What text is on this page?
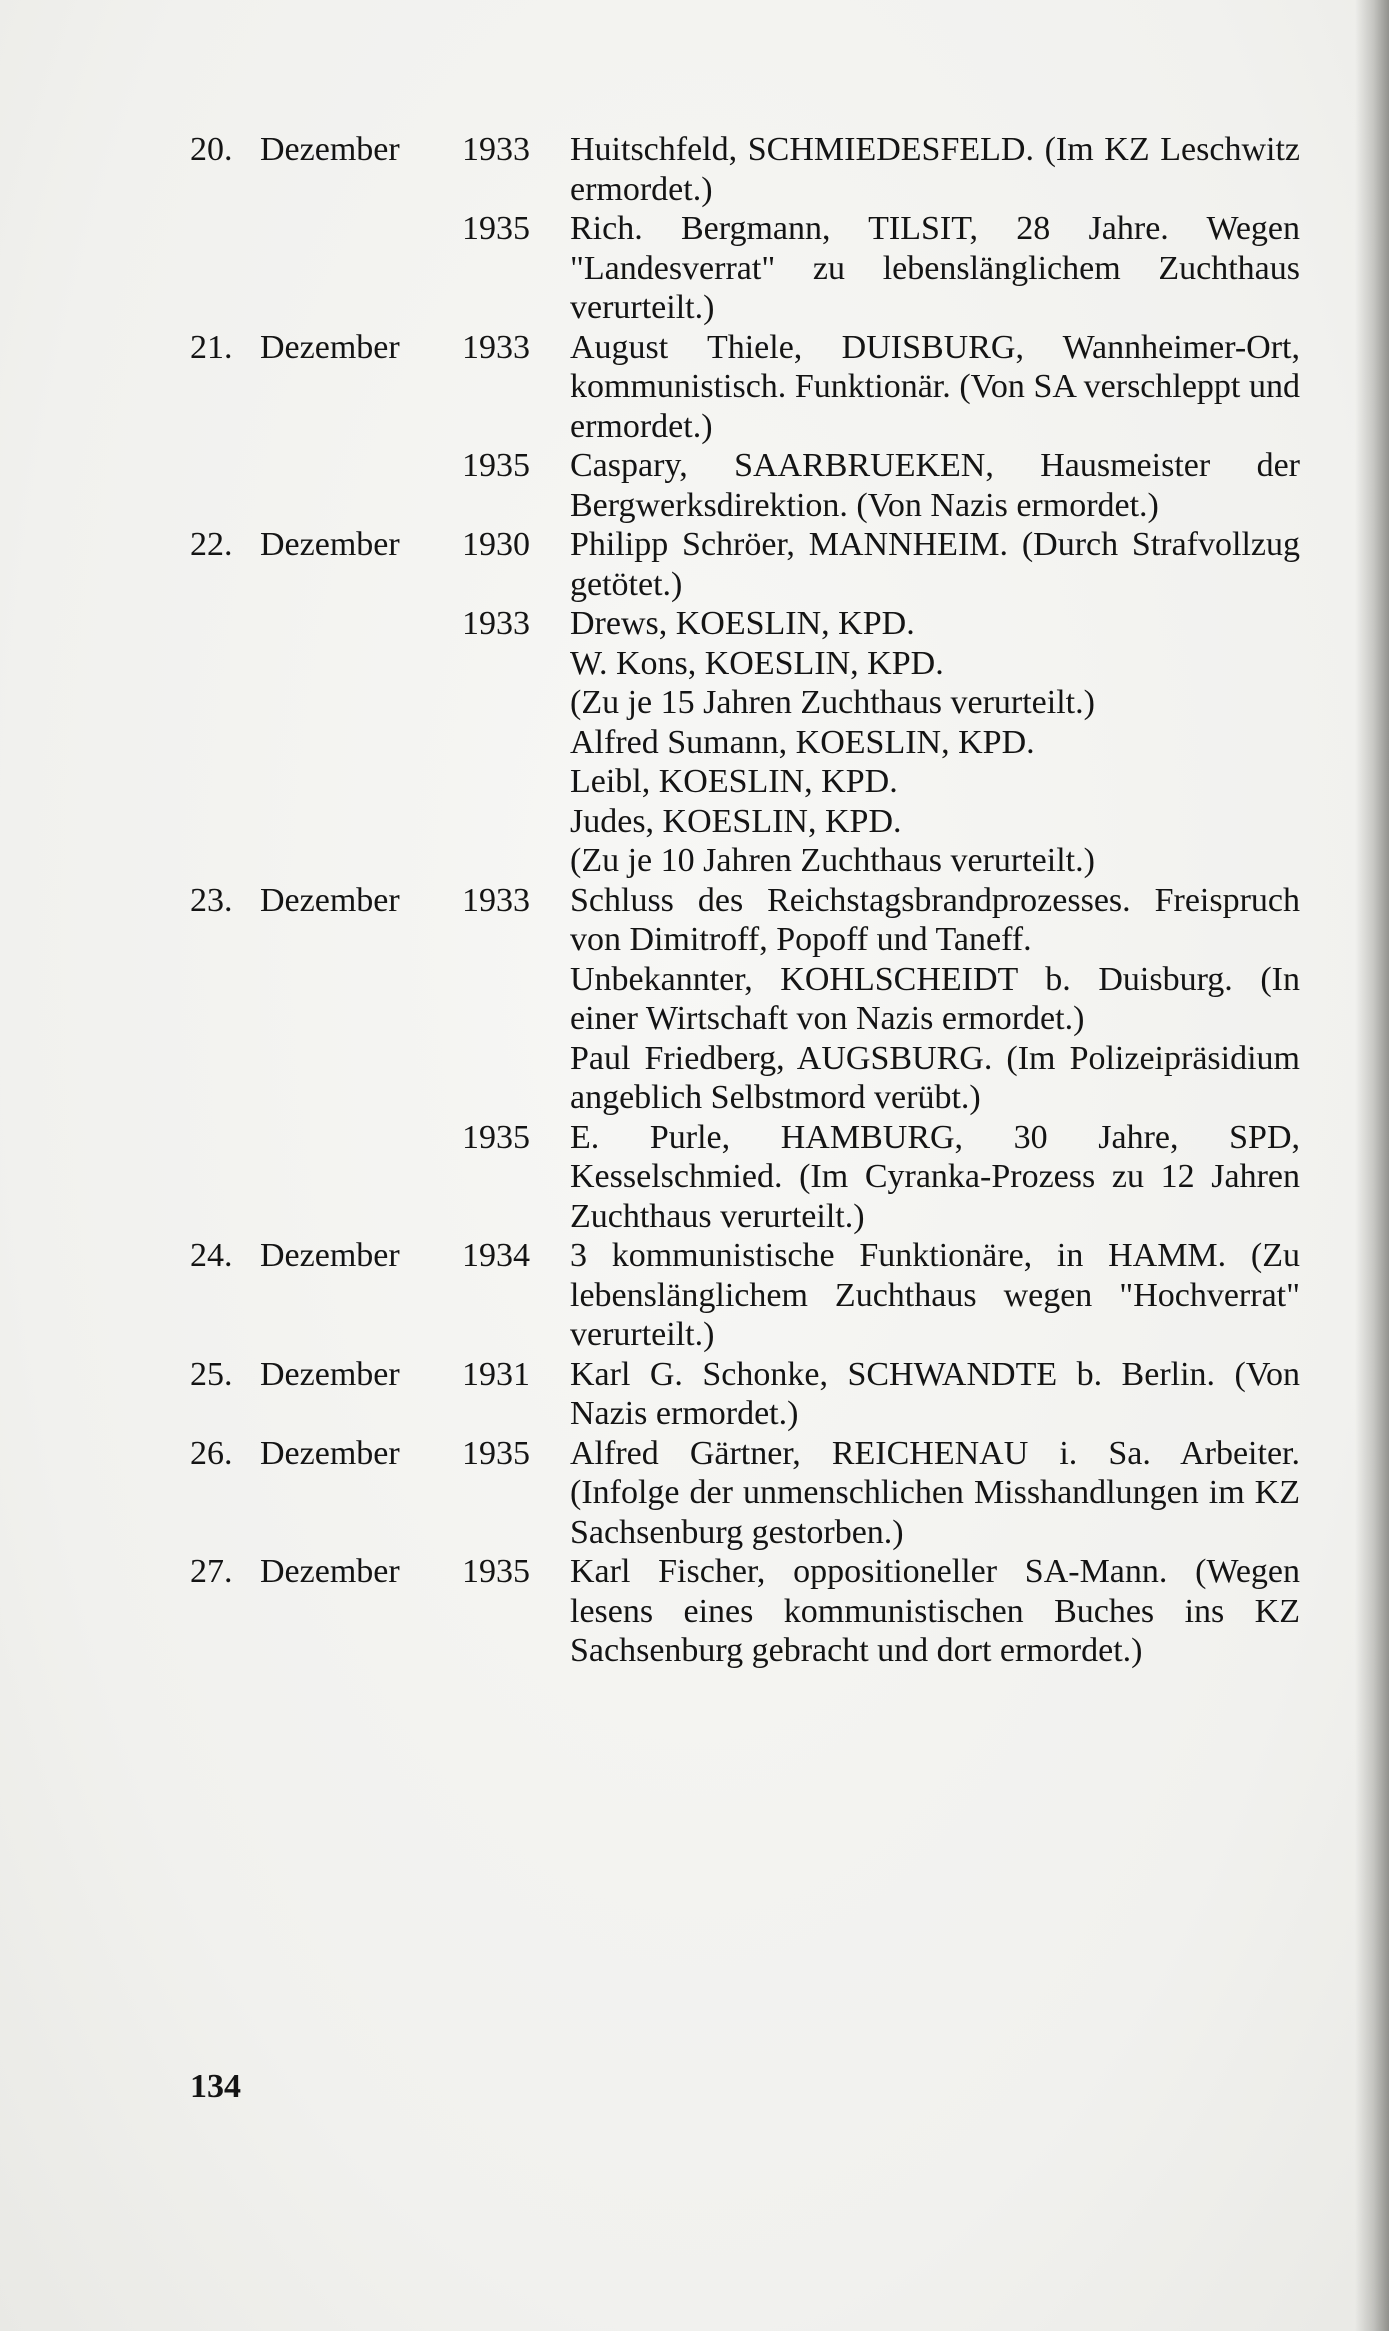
20. Dezember	1933 Huitschfeld, SCHMIEDESFELD. (Im KZ Leschwitz ermordet.)

1935 Rich. Bergmann, TILSIT, 28 Jahre. Wegen "Landesverrat" zu lebenslänglichem Zuchthaus verurteilt.)

21. Dezember	1933 August Thiele, DUISBURG, Wannheimer-Ort, kommunistisch. Funktionär. (Von SA verschleppt und ermordet.)

1935 Caspary, SAARBRUEKEN, Hausmeister der Bergwerksdirektion. (Von Nazis ermordet.)

22. Dezember	1930 Philipp Schröer, MANNHEIM. (Durch Strafvollzug getötet.)

1933 Drews, KOESLIN, KPD.

W. Kons, KOESLIN, KPD.

(Zu je 15 Jahren Zuchthaus verurteilt.)

Alfred Sumann, KOESLIN, KPD.

Leibl, KOESLIN, KPD.

Judes, KOESLIN, KPD.

(Zu je 10 Jahren Zuchthaus verurteilt.)

23. Dezember	1933 Schluss des Reichstagsbrandprozesses. Freispruch von Dimitroff, Popoff und Taneff.

Unbekannter, KOHLSCHEIDT b. Duisburg. (In einer Wirtschaft von Nazis ermordet.)

Paul Friedberg, AUGSBURG. (Im Polizeipräsidium angeblich Selbstmord verübt.)

1935 E. Purle, HAMBURG, 30 Jahre, SPD, Kesselschmied. (Im Cyranka-Prozess zu 12 Jahren Zuchthaus verurteilt.)

24. Dezember	1934 3 kommunistische Funktionäre, in HAMM. (Zu lebenslänglichem Zuchthaus wegen "Hochverrat" verurteilt.)

25. Dezember	1931 Karl G. Schonke, SCHWANDTE b. Berlin. (Von Nazis ermordet.)

26. Dezember	1935 Alfred Gärtner, REICHENAU i. Sa. Arbeiter. (Infolge der unmenschlichen Misshandlungen im KZ Sachsenburg gestorben.)

27. Dezember	1935 Karl Fischer, oppositioneller SA-Mann. (Wegen lesens eines kommunistischen Buches ins KZ Sachsenburg gebracht und dort ermordet.)

134
